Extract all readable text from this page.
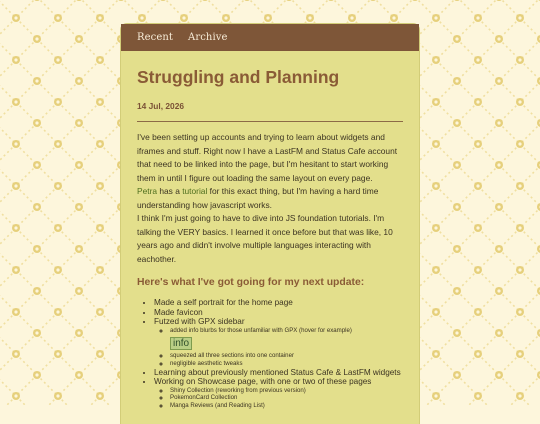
Recent Archive
Struggling and Planning
14 Jul, 2026

I've been setting up accounts and trying to learn about widgets and iframes and stuff. Right now I have a LastFM and Status Cafe account that need to be linked into the page, but I'm hesitant to start working them in until I figure out loading the same layout on every page.

Petra has a tutorial for this exact thing, but I'm having a hard time understanding how javascript works.

I think I'm just going to have to dive into JS foundation tutorials. I'm talking the VERY basics. I learned it once before but that was like, 10 years ago and didn't involve multiple languages interacting with eachother.

Here's what I've got going for my next update:
• Made a self portrait for the home page
• Made favicon
• Futzed with GPX sidebar
◦ added info blurbs for those unfamiliar with GPX (hover for example)
info
◦ squeezed all three sections into one container
◦ negligible aesthetic tweaks
• Learning about previously mentioned Status Cafe & LastFM widgets
• Working on Showcase page, with one or two of these pages
◦ Shiny Collection (reworking from previous version)
◦ PokemonCard Collection
◦ Manga Reviews (and Reading List)
